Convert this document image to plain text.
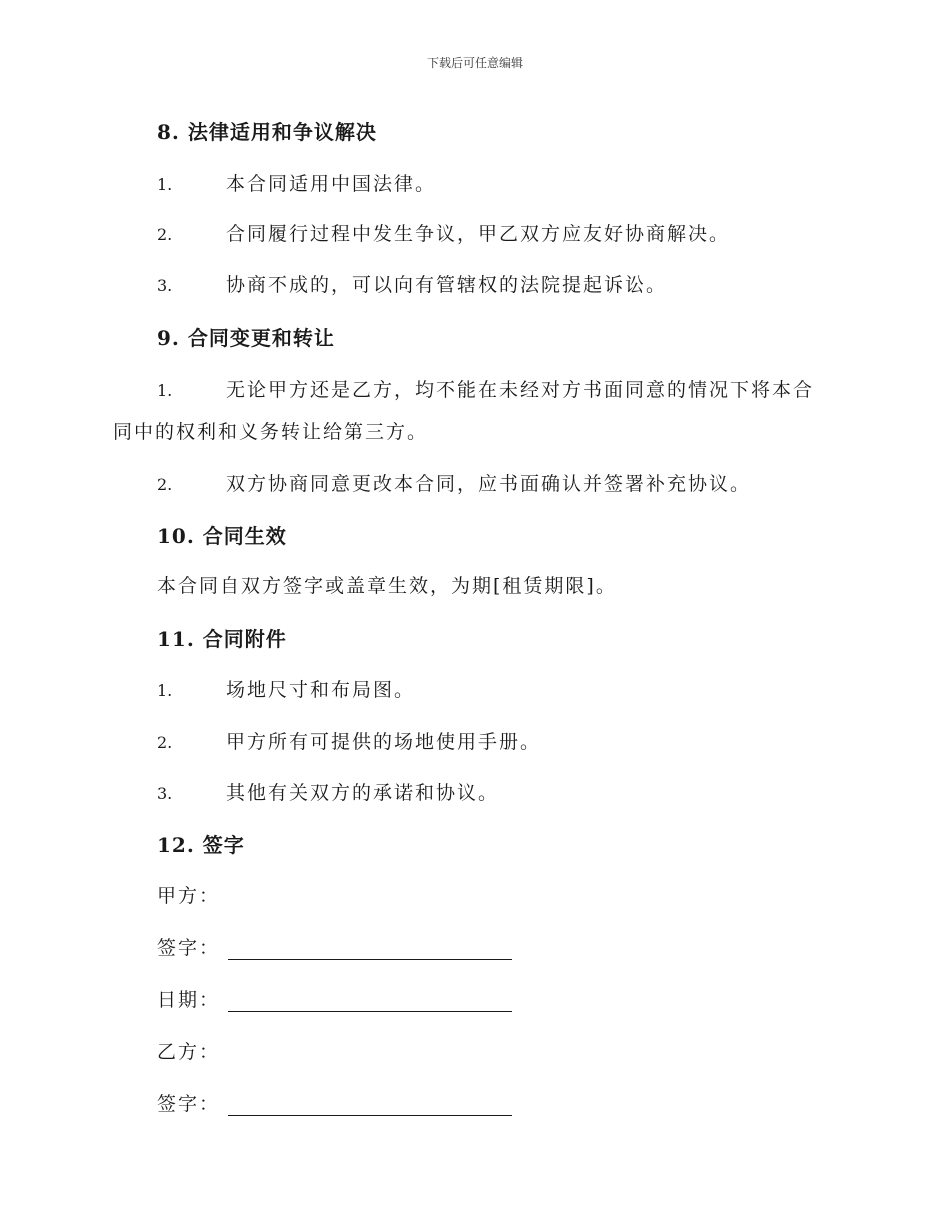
下载后可任意编辑
8. 法律适用和争议解决
1.	本合同适用中国法律。
2.	合同履行过程中发生争议，甲乙双方应友好协商解决。
3.	协商不成的，可以向有管辖权的法院提起诉讼。
9. 合同变更和转让
1.	无论甲方还是乙方，均不能在未经对方书面同意的情况下将本合
同中的权利和义务转让给第三方。
2.	双方协商同意更改本合同，应书面确认并签署补充协议。
10. 合同生效
本合同自双方签字或盖章生效，为期[租赁期限]。
11. 合同附件
1.	场地尺寸和布局图。
2.	甲方所有可提供的场地使用手册。
3.	其他有关双方的承诺和协议。
12. 签字
甲方：
签字：
日期：
乙方：
签字：
